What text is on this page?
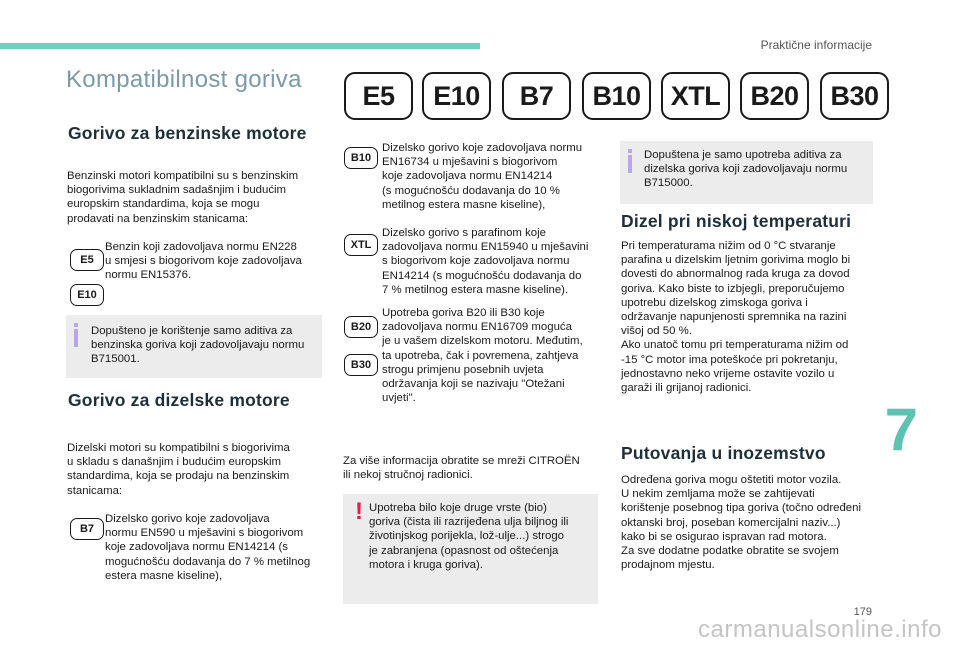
Praktične informacije
Kompatibilnost goriva
E5	E10	B7	B10	XTL	B20	B30
Gorivo za benzinske motore
Benzinski motori kompatibilni su s benzinskim
biogorivima sukladnim sadašnjim i budućim
europskim standardima, koja se mogu
prodavati na benzinskim stanicama:
E5
E10
Benzin koji zadovoljava normu EN228
u smjesi s biogorivom koje zadovoljava
normu EN15376.
Dopušteno je korištenje samo aditiva za
benzinska goriva koji zadovoljavaju normu
B715001.
Gorivo za dizelske motore
Dizelski motori su kompatibilni s biogorivima
u skladu s današnjim i budućim europskim
standardima, koja se prodaju na benzinskim
stanicama:
B7
Dizelsko gorivo koje zadovoljava
normu EN590 u mješavini s biogorivom
koje zadovoljava normu EN14214 (s
mogućnošću dodavanja do 7 % metilnog
estera masne kiseline),
B10
Dizelsko gorivo koje zadovoljava normu
EN16734 u mješavini s biogorivom
koje zadovoljava normu EN14214
(s mogućnošću dodavanja do 10 %
metilnog estera masne kiseline),
XTL
Dizelsko gorivo s parafinom koje
zadovoljava normu EN15940 u mješavini
s biogorivom koje zadovoljava normu
EN14214 (s mogućnošću dodavanja do
7 % metilnog estera masne kiseline).
B20
B30
Upotreba goriva B20 ili B30 koje
zadovoljava normu EN16709 moguća
je u vašem dizelskom motoru. Međutim,
ta upotreba, čak i povremena, zahtjeva
strogu primjenu posebnih uvjeta
održavanja koji se nazivaju "Otežani
uvjeti".
Za više informacija obratite se mreži CITROËN
ili nekoj stručnoj radionici.
! Upotreba bilo koje druge vrste (bio)
goriva (čista ili razrijeđena ulja biljnog ili
životinjskog porijekla, lož-ulje...) strogo
je zabranjena (opasnost od oštećenja
motora i kruga goriva).
Dopuštena je samo upotreba aditiva za
dizelska goriva koji zadovoljavaju normu
B715000.
Dizel pri niskoj temperaturi
Pri temperaturama nižim od 0 °C stvaranje
parafina u dizelskim ljetnim gorivima moglo bi
dovesti do abnormalnog rada kruga za dovod
goriva. Kako biste to izbjegli, preporučujemo
upotrebu dizelskog zimskoga goriva i
održavanje napunjenosti spremnika na razini
višoj od 50 %.
Ako unatoč tomu pri temperaturama nižim od
-15 °C motor ima poteškoće pri pokretanju,
jednostavno neko vrijeme ostavite vozilo u
garaži ili grijanoj radionici.
Putovanja u inozemstvo
Određena goriva mogu oštetiti motor vozila.
U nekim zemljama može se zahtijevati
korištenje posebnog tipa goriva (točno određeni
oktanski broj, poseban komercijalni naziv...)
kako bi se osigurao ispravan rad motora.
Za sve dodatne podatke obratite se svojem
prodajnom mjestu.
7
179
carmanualsonline.info
